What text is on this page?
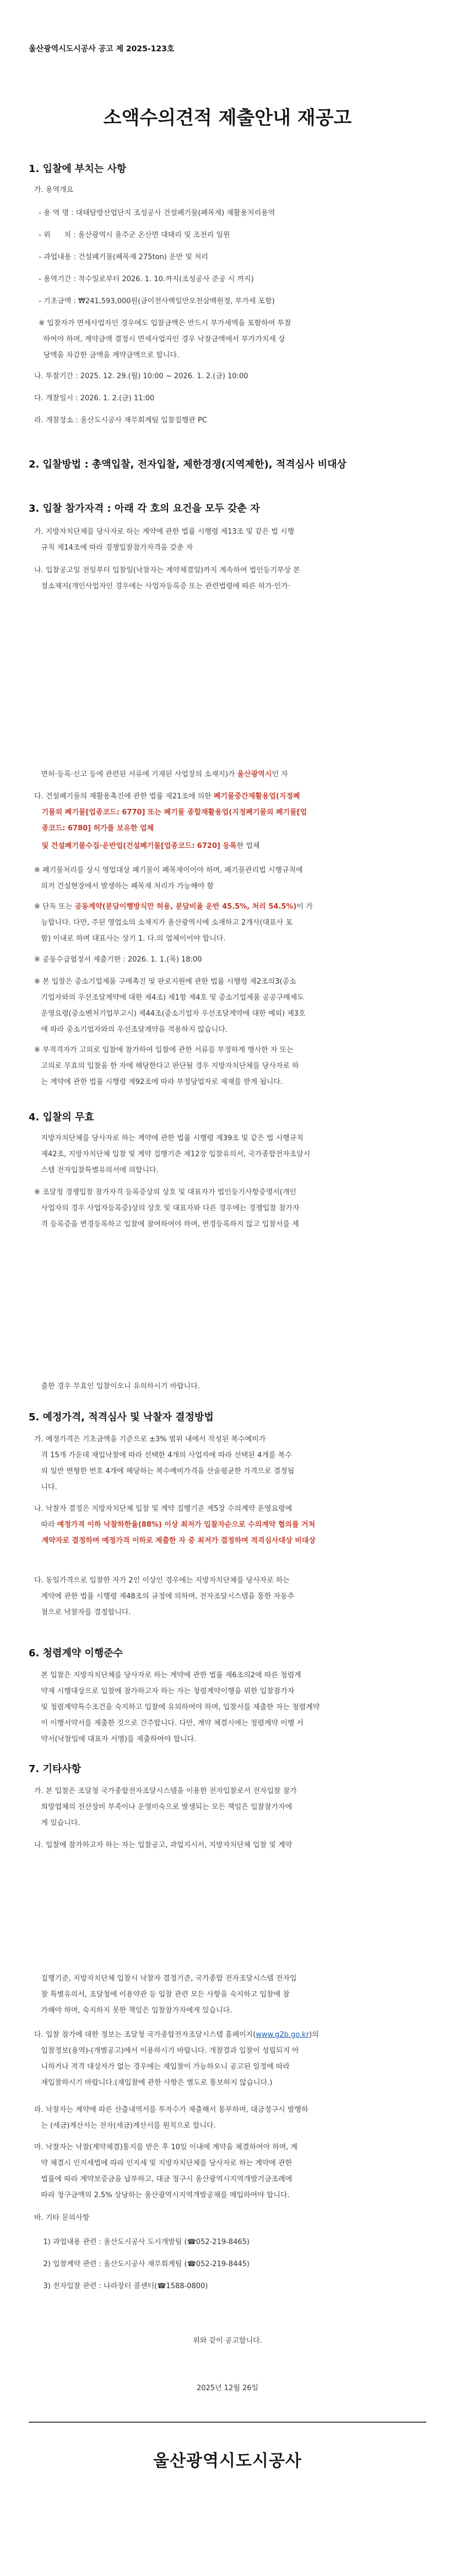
울산광역시도시공사 공고 제 2025-123호
소액수의견적 제출안내 재공고
1. 입찰에 부치는 사항
가. 용역개요
- 용 역 명 : 대태탐방산업단지 조성공사 건설폐기물(폐목재) 재활용처리용역
- 위      치 : 울산광역시 울주군 온산면 대태리 및 조전리 일원
- 과업내용 : 건설폐기물(폐목재 275ton) 운반 및 처리
- 용역기간 : 착수일로부터 2026. 1. 10.까지(조성공사 준공 시 까지)
- 기초금액 : ₩241,593,000원(금이천사백일만오천삼백원정, 부가세 포함)
※ 입찰자가 면세사업자인 경우에도 입찰금액은 반드시 부가세액을 포함하여 투찰
하여야 하며, 계약금액 결정시 면세사업자인 경우 낙찰금액에서 부가가치세 상
당액을 차감한 금액을 계약금액으로 합니다.
나. 투찰기간 : 2025. 12. 29.(월) 10:00 ~ 2026. 1. 2.(금) 10:00
다. 개찰일시 : 2026. 1. 2.(금) 11:00
라. 개찰장소 : 울산도시공사 재무회계팀 입찰집행관 PC
2. 입찰방법 : 총액입찰, 전자입찰, 제한경쟁(지역제한), 적격심사 비대상
3. 입찰 참가자격 : 아래 각 호의 요건을 모두 갖춘 자
가. 지방자치단체를 당사자로 하는 계약에 관한 법률 시행령 제13조 및 같은 법 시행
규칙 제14조에 따라 경쟁입찰참가자격을 갖춘 자
나. 입찰공고일 전일부터 입찰일(낙찰자는 계약체결일)까지 계속하여 법인등기부상 본
점소재지(개인사업자인 경우에는 사업자등록증 또는 관련법령에 따른 허가·인가·
면허·등록·신고 등에 관련된 서류에 기재된 사업장의 소재지)가 울산광역시인 자
다. 건설폐기물의 재활용촉진에 관한 법률 제21조에 의한 폐기물중간재활용업(지정폐
기물외 폐기물[업종코드: 6770] 또는 폐기물 종합재활용업(지정폐기물외 폐기물[업
종코드: 6780] 허가를 보유한 업체
및 건설폐기물수집·운반업(건설폐기물[업종코드: 6720] 등록한 업체
※ 폐기물처리를 상시 영업대상 폐기물이 폐목재이어야 하며, 폐기물관리법 시행규칙에
의거 건설현장에서 발생하는 폐목재 처리가 가능해야 함
※ 단독 또는 공동계약(분담이행방식만 허용, 분담비율 운반 45.5%, 처리 54.5%)이 가
능합니다. 다만, 주된 영업소의 소재지가 울산광역시에 소재하고 2개사(대표사 포
함) 이내로 하며 대표사는 상기 1. 다.의 업체이어야 합니다.
※ 공동수급협정서 제출기한 : 2026. 1. 1.(목) 18:00
※ 본 입찰은 중소기업제품 구매촉진 및 판로지원에 관한 법률 시행령 제2조의3(중소
기업자와의 우선조달계약에 대한 제4조) 제1항 제4호 및 중소기업제품 공공구매제도
운영요령(중소벤처기업부고시) 제44조(중소기업자 우선조달계약에 대한 예외) 제3호
에 따라 중소기업자와의 우선조달계약을 적용하지 않습니다.
※ 부적격자가 고의로 입찰에 참가하여 입찰에 관한 서류를 부정하게 행사한 자 또는
고의로 무효의 입찰을 한 자에 해당한다고 판단될 경우 지방자치단체를 당사자로 하
는 계약에 관한 법률 시행령 제92조에 따라 부정당업자로 제재를 받게 됩니다.
4. 입찰의 무효
지방자치단체를 당사자로 하는 계약에 관한 법률 시행령 제39조 및 같은 법 시행규칙
제42조, 지방자치단체 입찰 및 계약 집행기준 제12장 입찰유의서, 국가종합전자조달시
스템 전자입찰특별유의서에 의합니다.
※ 조달청 경쟁입찰 참가자격 등록증상의 상호 및 대표자가 법인등기사항증명서(개인
사업자의 경우 사업자등록증)상의 상호 및 대표자와 다른 경우에는 경쟁입찰 참가자
격 등록증을 변경등록하고 입찰에 참여하여야 하며, 변경등록하지 않고 입찰서를 제
출한 경우 무효인 입찰이오니 유의하시기 바랍니다.
5. 예정가격, 적격심사 및 낙찰자 결정방법
가. 예정가격은 기초금액을 기준으로 ±3% 범위 내에서 작성된 복수예비가
격 15개 가운데 재입낙찰에 따라 선택한 4개의 사업자에 따라 선택된 4개를 복수
의 일반 변형한 번호 4개에 해당하는 복수예비가격을 산술평균한 가격으로 결정됩
니다.
나. 낙찰자 결정은 지방자치단체 입찰 및 계약 집행기준 제5장 수의계약 운영요령에
따라 예정가격 이하 낙찰하한율(88%) 이상 최저가 입찰자순으로 수의계약 협의를 거쳐
계약자로 결정하며 예정가격 이하로 제출한 자 중 최저가 결정하며 적격심사대상 비대상
다. 동일가격으로 입찰한 자가 2인 이상인 경우에는 지방자치단체를 당사자로 하는
계약에 관한 법률 시행령 제48조의 규정에 의하며, 전자조달시스템을 통한 자동추
첨으로 낙찰자를 결정합니다.
6. 청렴계약 이행준수
본 입찰은 지방자치단체를 당사자로 하는 계약에 관한 법률 제6조의2에 따른 청렴계
약제 시행대상으로 입찰에 참가하고자 하는 자는 청렴계약이행을 위한 입찰참가자
및 청렴계약특수조건을 숙지하고 입찰에 유의하여야 하며, 입찰서를 제출한 자는 청렴계약
이 이행서약서를 제출한 것으로 간주합니다. 다만, 계약 체결시에는 청렴계약 이행 서
약서(낙찰일에 대표자 서명)를 제출하여야 합니다.
7. 기타사항
가. 본 입찰은 조달청 국가종합전자조달시스템을 이용한 전자입찰로서 전자입찰 참가
희망업체의 전산장비 부족이나 운영미숙으로 발생되는 모든 책임은 입찰참가자에
게 있습니다.
나. 입찰에 참가하고자 하는 자는 입찰공고, 과업지시서, 지방자치단체 입찰 및 계약
집행기준, 지방자치단체 입찰시 낙찰자 결정기준, 국가종합 전자조달시스템 전자입
찰 특별유의서, 조달청에 이용약관 등 입찰 관련 모든 사항을 숙지하고 입찰에 참
가해야 하며, 숙지하지 못한 책임은 입찰참가자에게 있습니다.
다. 입찰 참가에 대한 정보는 조달청 국가종합전자조달시스템 홈페이지(www.g2b.go.kr)의
입찰정보(용역)-(개별공고)에서 이용하시기 바랍니다. 개찰결과 입찰이 성립되지 아
니하거나 적격 대상자가 없는 경우에는 재입찰이 가능하오니 공고된 일정에 따라
재입찰하시기 바랍니다.(재입찰에 관한 사항은 별도로 통보하지 않습니다.)
라. 낙찰자는 계약에 따른 산출내역서를 투자수가 제출해서 통부하며, 대금정구시 발행하
는 (세금)계산서는 전자(세금)계산서를 원칙으로 합니다.
마. 낙찰자는 낙찰(계약체결)통지를 받은 후 10일 이내에 계약을 체결하여야 하며, 계
약 체결시 인지세법에 따라 인지세 및 지방자치단체를 당사자로 하는 계약에 관한
법률에 따라 계약보증금을 납부하고, 대금 청구시 울산광역시지역개발기금조례에
따라 청구금액의 2.5% 상당하는 울산광역시지역개발공채를 매입하여야 합니다.
바. 기타 문의사항
1) 과업내용 관련 : 울산도시공사 도시개발팀 (☎052-219-8465)
2) 입찰계약 관련 : 울산도시공사 재무회계팀 (☎052-219-8445)
3) 전자입찰 관련 : 나라장터 콜센터(☎1588-0800)
위와 같이 공고합니다.
2025년 12월 26일
울산광역시도시공사
